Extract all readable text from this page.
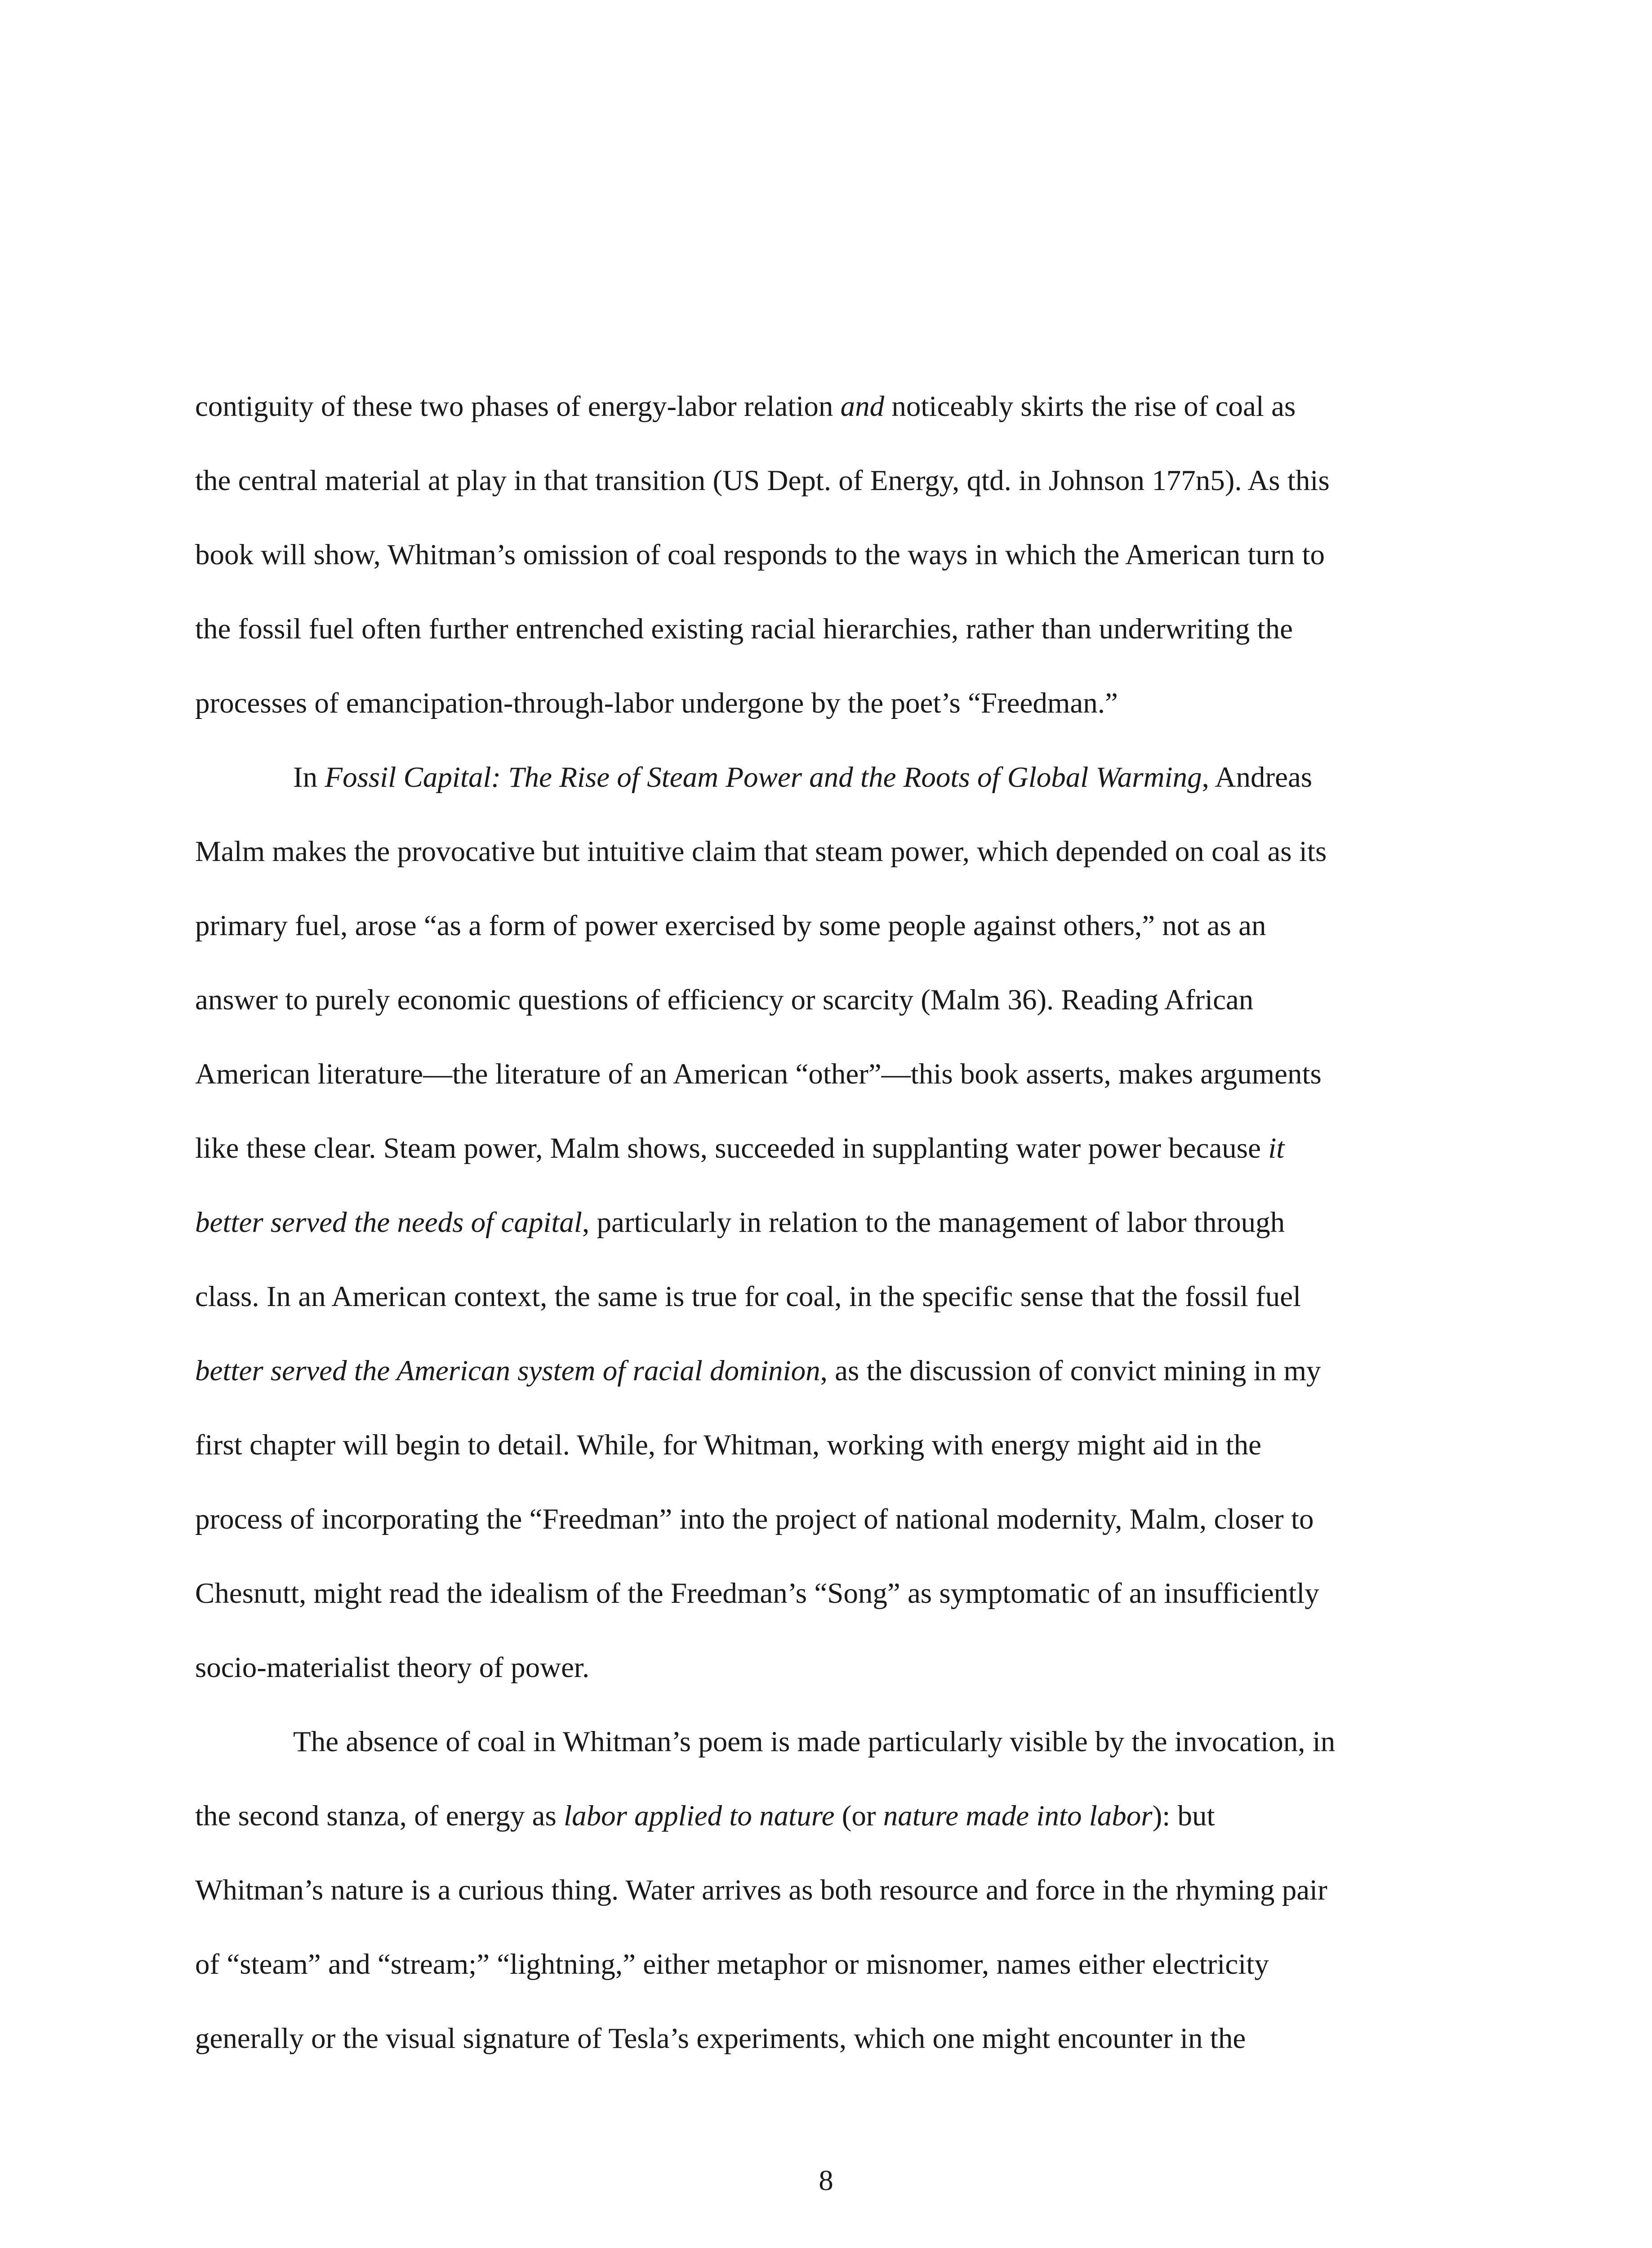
contiguity of these two phases of energy-labor relation and noticeably skirts the rise of coal as
the central material at play in that transition (US Dept. of Energy, qtd. in Johnson 177n5). As this
book will show, Whitman’s omission of coal responds to the ways in which the American turn to
the fossil fuel often further entrenched existing racial hierarchies, rather than underwriting the
processes of emancipation-through-labor undergone by the poet’s “Freedman.”
In Fossil Capital: The Rise of Steam Power and the Roots of Global Warming, Andreas
Malm makes the provocative but intuitive claim that steam power, which depended on coal as its
primary fuel, arose “as a form of power exercised by some people against others,” not as an
answer to purely economic questions of efficiency or scarcity (Malm 36). Reading African
American literature—the literature of an American “other”—this book asserts, makes arguments
like these clear. Steam power, Malm shows, succeeded in supplanting water power because it
better served the needs of capital, particularly in relation to the management of labor through
class. In an American context, the same is true for coal, in the specific sense that the fossil fuel
better served the American system of racial dominion, as the discussion of convict mining in my
first chapter will begin to detail. While, for Whitman, working with energy might aid in the
process of incorporating the “Freedman” into the project of national modernity, Malm, closer to
Chesnutt, might read the idealism of the Freedman’s “Song” as symptomatic of an insufficiently
socio-materialist theory of power.
The absence of coal in Whitman’s poem is made particularly visible by the invocation, in
the second stanza, of energy as labor applied to nature (or nature made into labor): but
Whitman’s nature is a curious thing. Water arrives as both resource and force in the rhyming pair
of “steam” and “stream;” “lightning,” either metaphor or misnomer, names either electricity
generally or the visual signature of Tesla’s experiments, which one might encounter in the
8
